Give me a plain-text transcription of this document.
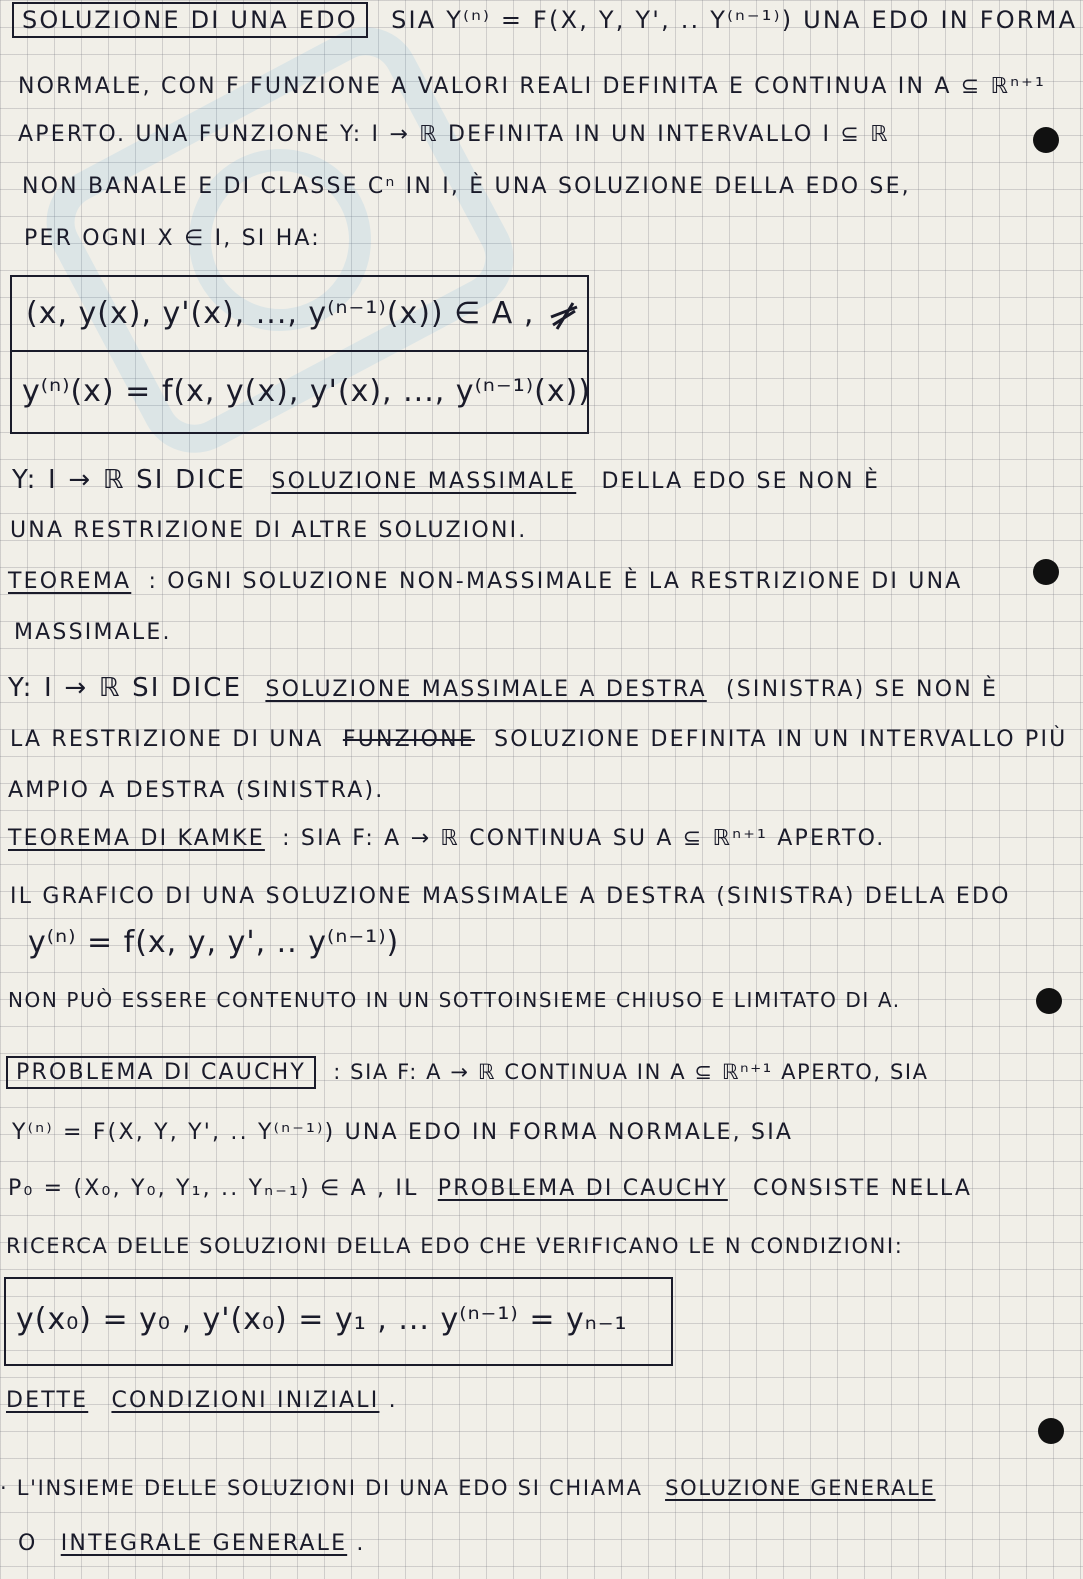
SOLUZIONE DI UNA EDO SIA Y⁽ⁿ⁾ = F(X, Y, Y', .. Y⁽ⁿ⁻¹⁾) UNA EDO IN FORMA
NORMALE, CON F FUNZIONE A VALORI REALI DEFINITA E CONTINUA IN A ⊆ ℝⁿ⁺¹
APERTO. UNA FUNZIONE Y: I → ℝ DEFINITA IN UN INTERVALLO I ⊆ ℝ
NON BANALE E DI CLASSE Cⁿ IN I, È UNA SOLUZIONE DELLA EDO SE,
PER OGNI X ∈ I, SI HA:
(x, y(x), y'(x), ..., y⁽ⁿ⁻¹⁾(x)) ∈ A ,
y⁽ⁿ⁾(x) = f(x, y(x), y'(x), ..., y⁽ⁿ⁻¹⁾(x))
Y: I → ℝ SI DICE SOLUZIONE MASSIMALE DELLA EDO SE NON È
UNA RESTRIZIONE DI ALTRE SOLUZIONI.
TEOREMA : OGNI SOLUZIONE NON-MASSIMALE È LA RESTRIZIONE DI UNA
MASSIMALE.
Y: I → ℝ SI DICE SOLUZIONE MASSIMALE A DESTRA (SINISTRA) SE NON È
LA RESTRIZIONE DI UNA FUNZIONE SOLUZIONE DEFINITA IN UN INTERVALLO PIÙ
AMPIO A DESTRA (SINISTRA).
TEOREMA DI KAMKE : SIA F: A → ℝ CONTINUA SU A ⊆ ℝⁿ⁺¹ APERTO.
IL GRAFICO DI UNA SOLUZIONE MASSIMALE A DESTRA (SINISTRA) DELLA EDO
y⁽ⁿ⁾ = f(x, y, y', .. y⁽ⁿ⁻¹⁾)
NON PUÒ ESSERE CONTENUTO IN UN SOTTOINSIEME CHIUSO E LIMITATO DI A.
PROBLEMA DI CAUCHY : SIA F: A → ℝ CONTINUA IN A ⊆ ℝⁿ⁺¹ APERTO, SIA
Y⁽ⁿ⁾ = F(X, Y, Y', .. Y⁽ⁿ⁻¹⁾) UNA EDO IN FORMA NORMALE, SIA
P₀ = (X₀, Y₀, Y₁, .. Yₙ₋₁) ∈ A , IL PROBLEMA DI CAUCHY CONSISTE NELLA
RICERCA DELLE SOLUZIONI DELLA EDO CHE VERIFICANO LE N CONDIZIONI:
y(x₀) = y₀ , y'(x₀) = y₁ , ... y⁽ⁿ⁻¹⁾ = yₙ₋₁
DETTE CONDIZIONI INIZIALI .
· L'INSIEME DELLE SOLUZIONI DI UNA EDO SI CHIAMA SOLUZIONE GENERALE
O INTEGRALE GENERALE .
